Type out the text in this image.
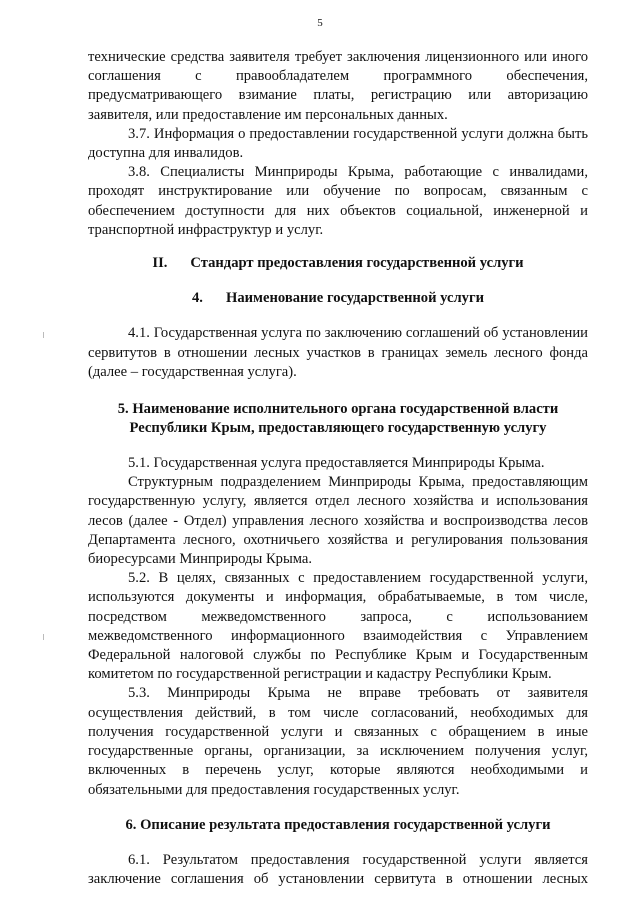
5

технические средства заявителя требует заключения лицензионного или иного соглашения с правообладателем программного обеспечения, предусматривающего взимание платы, регистрацию или авторизацию заявителя, или предоставление им персональных данных.

3.7. Информация о предоставлении государственной услуги должна быть доступна для инвалидов.

3.8. Специалисты Минприроды Крыма, работающие с инвалидами, проходят инструктирование или обучение по вопросам, связанным с обеспечением доступности для них объектов социальной, инженерной и транспортной инфраструктур и услуг.

II. Стандарт предоставления государственной услуги
4. Наименование государственной услуги

4.1. Государственная услуга по заключению соглашений об установлении сервитутов в отношении лесных участков в границах земель лесного фонда (далее – государственная услуга).

5. Наименование исполнительного органа государственной власти
Республики Крым, предоставляющего государственную услугу

5.1. Государственная услуга предоставляется Минприроды Крыма.

Структурным подразделением Минприроды Крыма, предоставляющим государственную услугу, является отдел лесного хозяйства и использования лесов (далее - Отдел) управления лесного хозяйства и воспроизводства лесов Департамента лесного, охотничьего хозяйства и регулирования пользования биоресурсами Минприроды Крыма.

5.2. В целях, связанных с предоставлением государственной услуги, используются документы и информация, обрабатываемые, в том числе, посредством межведомственного запроса, с использованием межведомственного информационного взаимодействия с Управлением Федеральной налоговой службы по Республике Крым и Государственным комитетом по государственной регистрации и кадастру Республики Крым.

5.3. Минприроды Крыма не вправе требовать от заявителя осуществления действий, в том числе согласований, необходимых для получения государственной услуги и связанных с обращением в иные государственные органы, организации, за исключением получения услуг, включенных в перечень услуг, которые являются необходимыми и обязательными для предоставления государственных услуг.

6. Описание результата предоставления государственной услуги

6.1. Результатом предоставления государственной услуги является заключение соглашения об установлении сервитута в отношении лесных
